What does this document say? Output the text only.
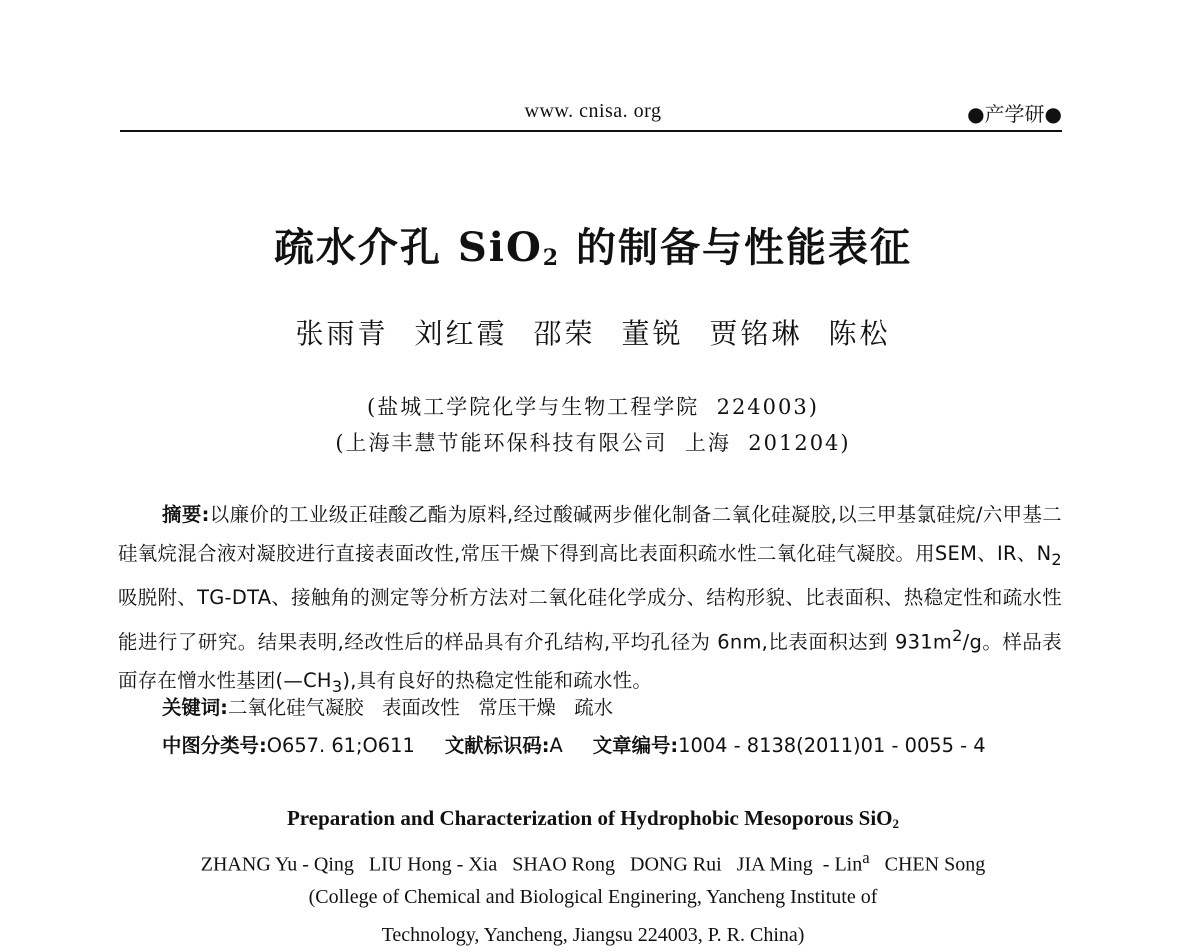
www. cnisa. org	●产学研●
疏水介孔 SiO$_2$ 的制备与性能表征
张雨青 刘红霞 邵荣 董锐 贾铭琳 陈松
(盐城工学院化学与生物工程学院  224003)
(上海丰慧节能环保科技有限公司  上海  201204)
摘要:以廉价的工业级正硅酸乙酯为原料,经过酸碱两步催化制备二氧化硅凝胶,以三甲基氯硅烷/六甲基二硅氧烷混合液对凝胶进行直接表面改性,常压干燥下得到高比表面积疏水性二氧化硅气凝胶。用SEM、IR、$N_2$吸脱附、TG-DTA、接触角的测定等分析方法对二氧化硅化学成分、结构形貌、比表面积、热稳定性和疏水性能进行了研究。结果表明,经改性后的样品具有介孔结构,平均孔径为 6nm,比表面积达到 $931m^2/g$。样品表面存在憎水性基团$(—CH_3)$,具有良好的热稳定性能和疏水性。
关键词:二氧化硅气凝胶   表面改性   常压干燥   疏水
中图分类号:O657. 61;O611 文献标识码:A 文章编号:1004 - 8138(2011)01 - 0055 - 4
Preparation and Characterization of Hydrophobic Mesoporous SiO$_2$
ZHANG Yu - Qing   LIU Hong - Xia   SHAO Rong   DONG Rui   JIA Ming  - Lin$^a$   CHEN Song
(College of Chemical and Biological Enginering, Yancheng Institute of
Technology, Yancheng, Jiangsu 224003, P. R. China)
